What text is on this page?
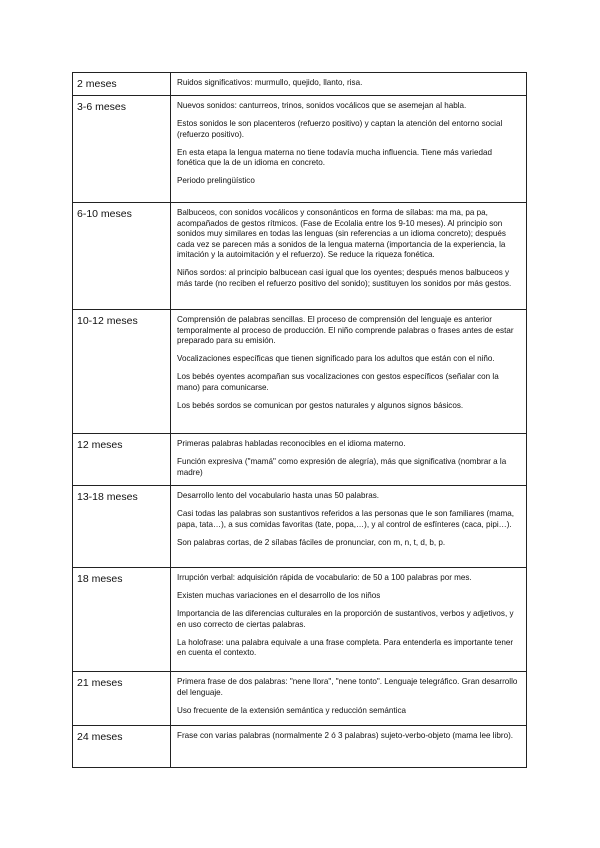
2 meses	Ruidos significativos: murmullo, quejido, llanto, risa.

3-6 meses	Nuevos sonidos: canturreos, trinos, sonidos vocálicos que se asemejan al habla.

Estos sonidos le son placenteros (refuerzo positivo) y captan la atención del entorno social (refuerzo positivo).

En esta etapa la lengua materna no tiene todavía mucha influencia. Tiene más variedad fonética que la de un idioma en concreto.

Periodo prelingüístico

6-10 meses	Balbuceos, con sonidos vocálicos y consonánticos en forma de sílabas: ma ma, pa pa, acompañados de gestos rítmicos. (Fase de Ecolalia entre los 9-10 meses). Al principio son sonidos muy similares en todas las lenguas (sin referencias a un idioma concreto); después cada vez se parecen más a sonidos de la lengua materna (importancia de la experiencia, la imitación y la autoimitación y el refuerzo). Se reduce la riqueza fonética.

Niños sordos: al principio balbucean casi igual que los oyentes; después menos balbuceos y más tarde (no reciben el refuerzo positivo del sonido); sustituyen los sonidos por más gestos.

10-12 meses	Comprensión de palabras sencillas. El proceso de comprensión del lenguaje es anterior temporalmente al proceso de producción. El niño comprende palabras o frases antes de estar preparado para su emisión.

Vocalizaciones específicas que tienen significado para los adultos que están con el niño.

Los bebés oyentes acompañan sus vocalizaciones con gestos específicos (señalar con la mano) para comunicarse.

Los bebés sordos se comunican por gestos naturales y algunos signos básicos.

12 meses	Primeras palabras habladas reconocibles en el idioma materno.

Función expresiva ("mamá" como expresión de alegría), más que significativa (nombrar a la madre)

13-18 meses	Desarrollo lento del vocabulario hasta unas 50 palabras.

Casi todas las palabras son sustantivos referidos a las personas que le son familiares (mama, papa, tata…), a sus comidas favoritas (tate, popa,…), y al control de esfínteres (caca, pipi…).

Son palabras cortas, de 2 sílabas fáciles de pronunciar, con m, n, t, d, b, p.

18 meses	Irrupción verbal: adquisición rápida de vocabulario: de 50 a 100 palabras por mes.

Existen muchas variaciones en el desarrollo de los niños

Importancia de las diferencias culturales en la proporción de sustantivos, verbos y adjetivos, y en uso correcto de ciertas palabras.

La holofrase: una palabra equivale a una frase completa. Para entenderla es importante tener en cuenta el contexto.

21 meses	Primera frase de dos palabras: "nene llora", "nene tonto". Lenguaje telegráfico. Gran desarrollo del lenguaje.

Uso frecuente de la extensión semántica y reducción semántica

24 meses	Frase con varias palabras (normalmente 2 ó 3 palabras) sujeto-verbo-objeto (mama lee libro).
